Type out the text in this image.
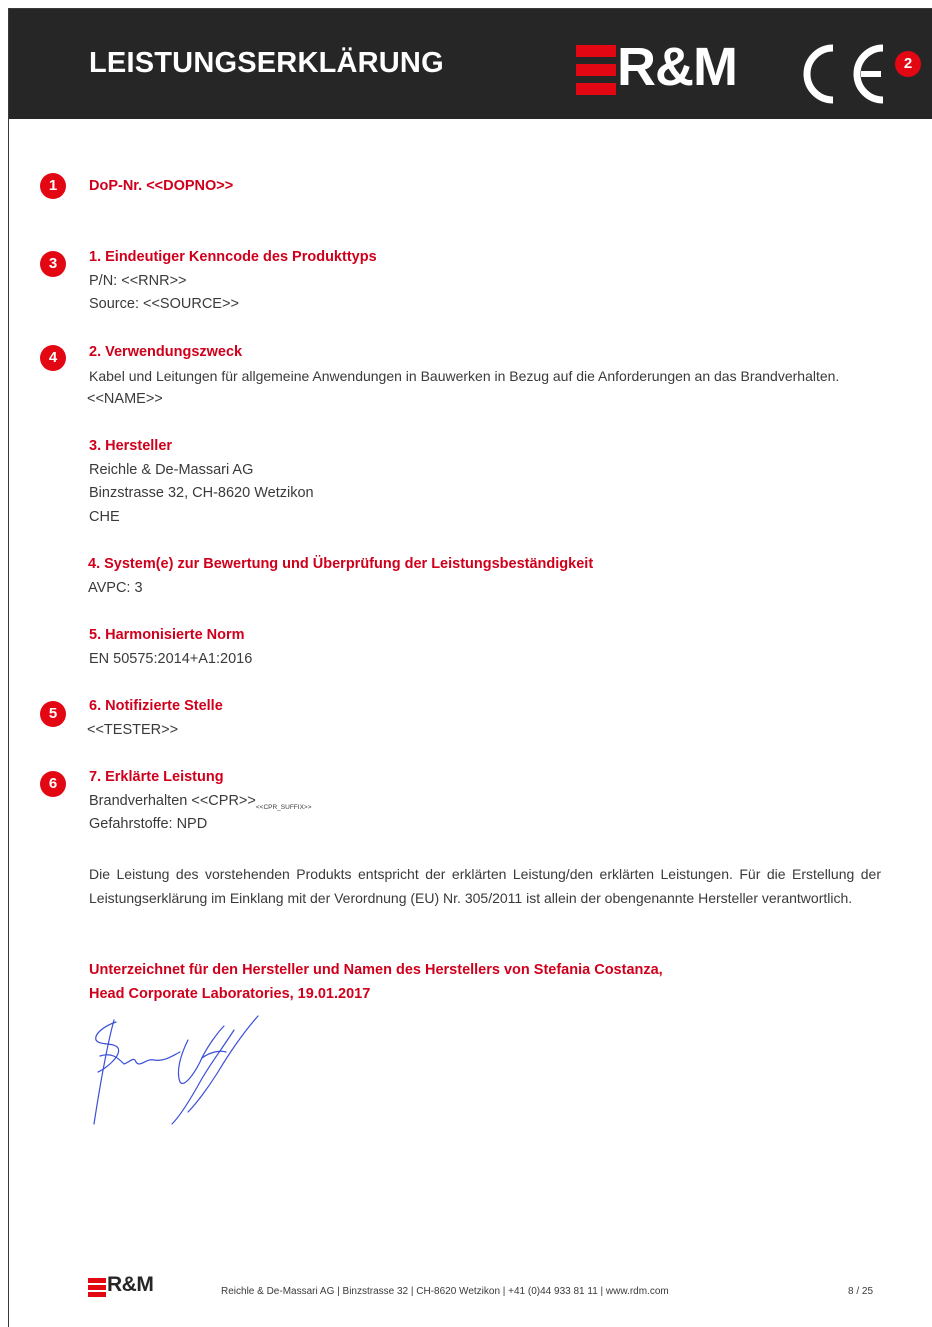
LEISTUNGSERKLÄRUNG	R&M	2
1	DoP-Nr. <<DOPNO>>
3	1. Eindeutiger Kenncode des Produkttyps
P/N: <<RNR>>
Source: <<SOURCE>>
4	2. Verwendungszweck
Kabel und Leitungen für allgemeine Anwendungen in Bauwerken in Bezug auf die Anforderungen an das Brandverhalten.
<<NAME>>
3. Hersteller
Reichle & De-Massari AG
Binzstrasse 32, CH-8620 Wetzikon
CHE
4. System(e) zur Bewertung und Überprüfung der Leistungsbeständigkeit
AVPC: 3
5. Harmonisierte Norm
EN 50575:2014+A1:2016
5	6. Notifizierte Stelle
<<TESTER>>
6	7. Erklärte Leistung
Brandverhalten $<<CPR>>_{<<CPR\_SUFFIX>>}$
Gefahrstoffe: NPD
Die Leistung des vorstehenden Produkts entspricht der erklärten Leistung/den erklärten Leistungen. Für die Erstellung der Leistungserklärung im Einklang mit der Verordnung (EU) Nr. 305/2011 ist allein der obengenannte Hersteller verantwortlich.
Unterzeichnet für den Hersteller und Namen des Herstellers von Stefania Costanza,
Head Corporate Laboratories, 19.01.2017
R&M	Reichle & De-Massari AG | Binzstrasse 32 | CH-8620 Wetzikon | +41 (0)44 933 81 11 | www.rdm.com	8 / 25
